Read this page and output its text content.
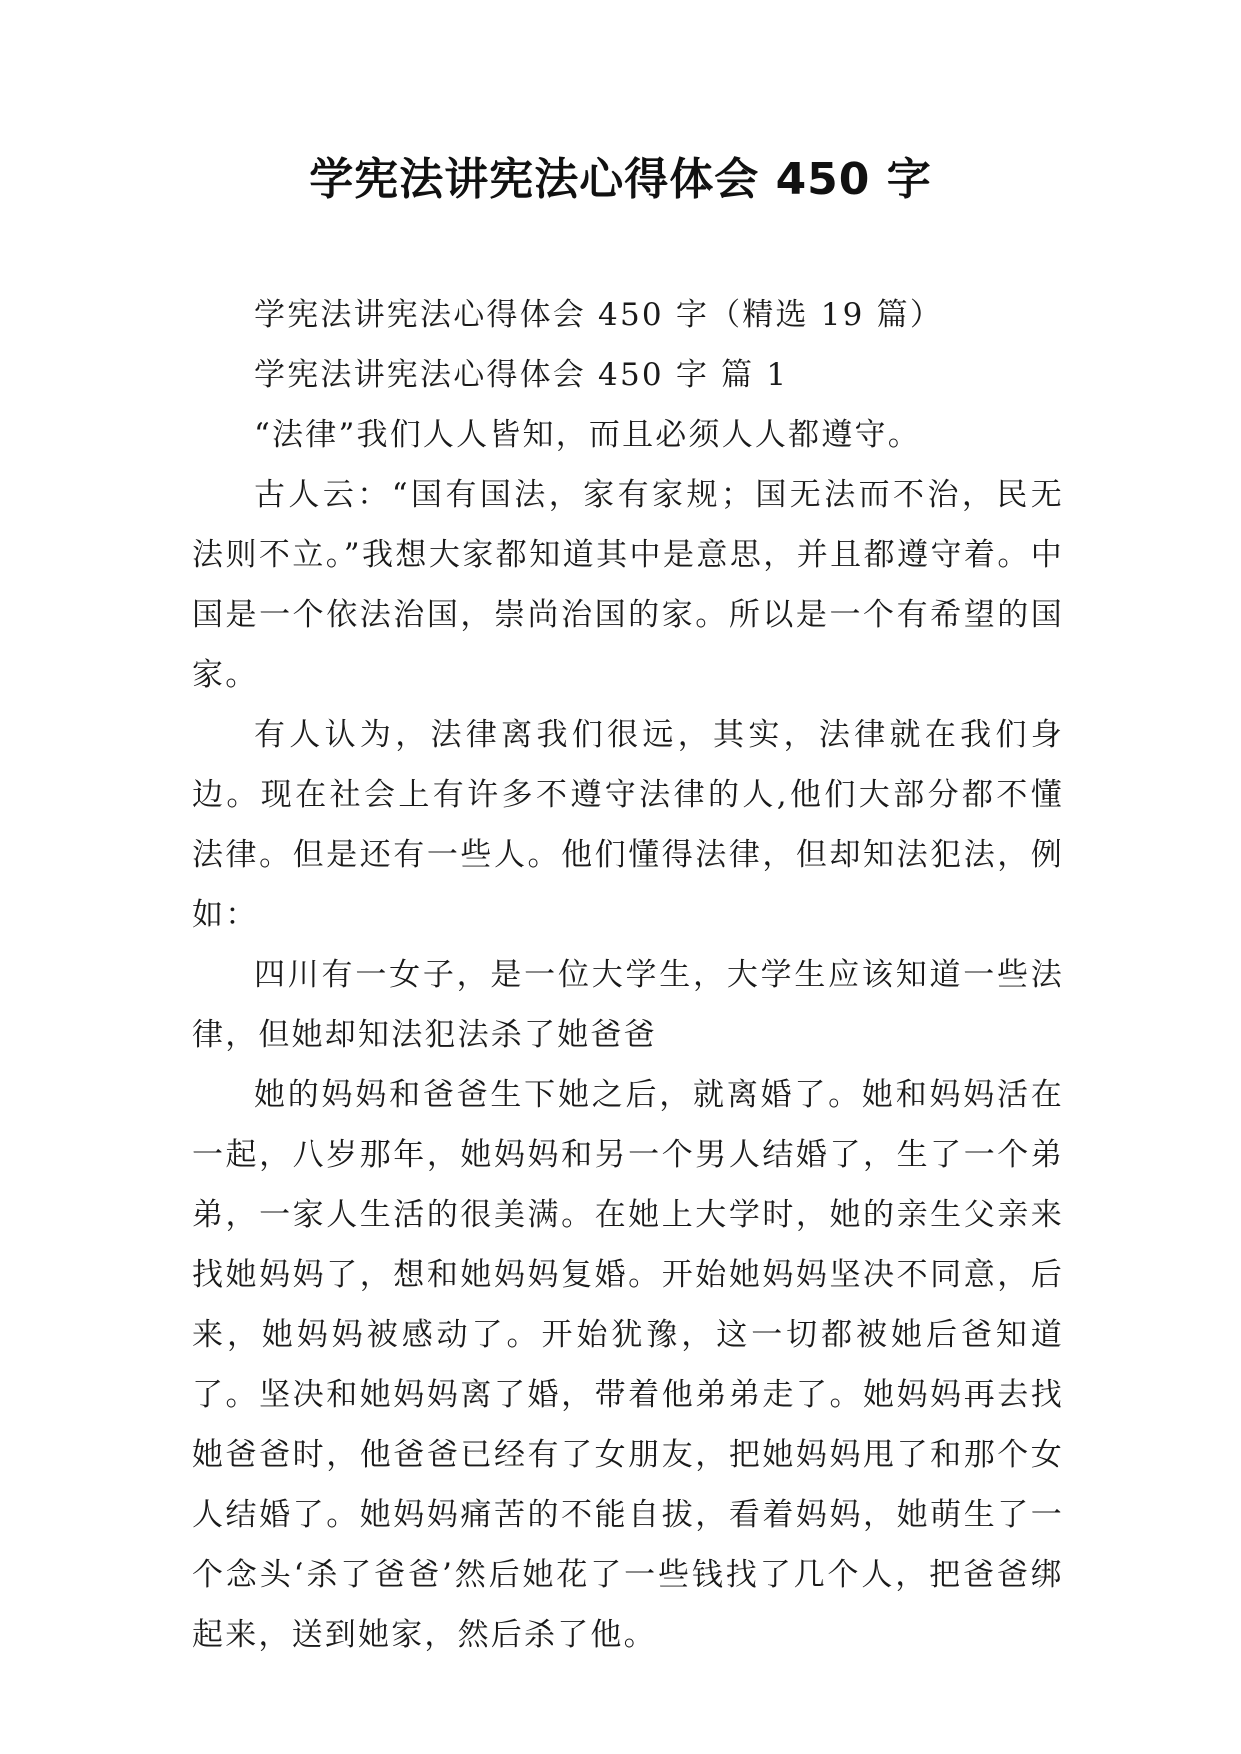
学宪法讲宪法心得体会 450 字

学宪法讲宪法心得体会 450 字（精选 19 篇）

学宪法讲宪法心得体会 450 字 篇 1

“法律”我们人人皆知，而且必须人人都遵守。

古人云：“国有国法，家有家规；国无法而不治，民无法则不立。”我想大家都知道其中是意思，并且都遵守着。中国是一个依法治国，崇尚治国的家。所以是一个有希望的国家。

有人认为，法律离我们很远，其实，法律就在我们身边。现在社会上有许多不遵守法律的人,他们大部分都不懂法律。但是还有一些人。他们懂得法律，但却知法犯法，例如：

四川有一女子，是一位大学生，大学生应该知道一些法律，但她却知法犯法杀了她爸爸

她的妈妈和爸爸生下她之后，就离婚了。她和妈妈活在一起，八岁那年，她妈妈和另一个男人结婚了，生了一个弟弟，一家人生活的很美满。在她上大学时，她的亲生父亲来找她妈妈了，想和她妈妈复婚。开始她妈妈坚决不同意，后来，她妈妈被感动了。开始犹豫，这一切都被她后爸知道了。坚决和她妈妈离了婚，带着他弟弟走了。她妈妈再去找她爸爸时，他爸爸已经有了女朋友，把她妈妈甩了和那个女人结婚了。她妈妈痛苦的不能自拔，看着妈妈，她萌生了一个念头‘杀了爸爸’然后她花了一些钱找了几个人，把爸爸绑起来，送到她家，然后杀了他。
